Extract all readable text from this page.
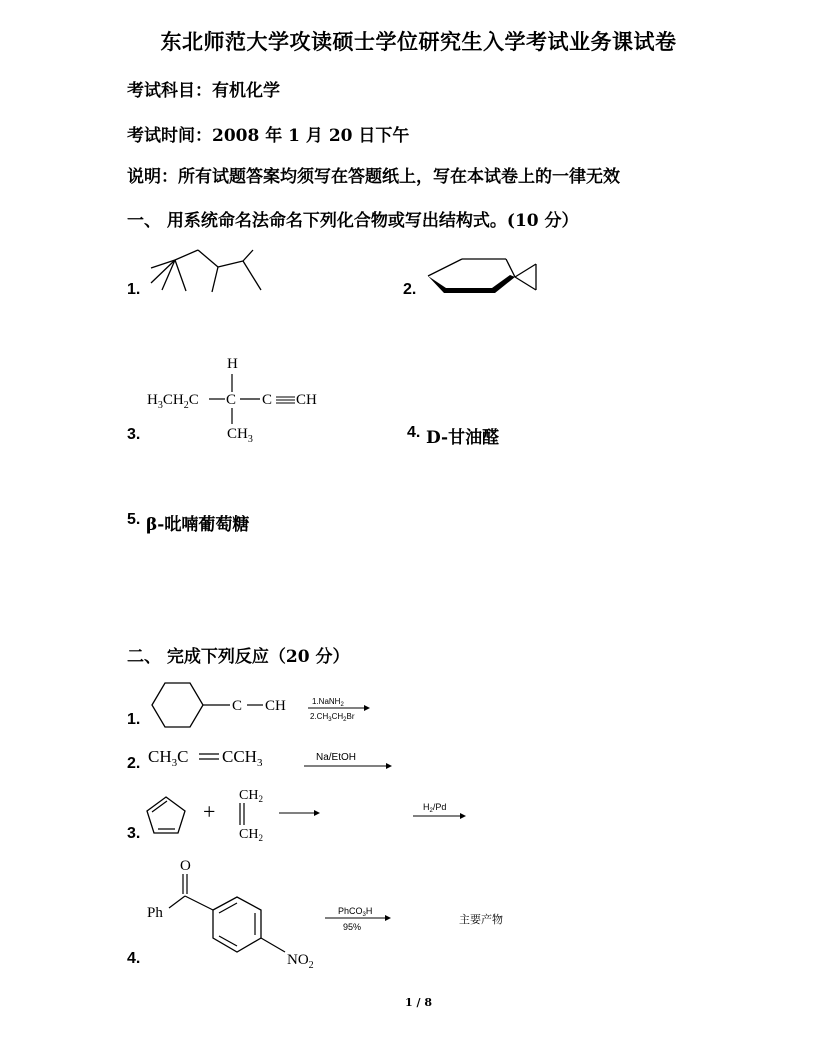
东北师范大学攻读硕士学位研究生入学考试业务课试卷
考试科目：有机化学
考试时间：2008 年 1 月 20 日下午
说明：所有试题答案均须写在答题纸上，写在本试卷上的一律无效
一、 用系统命名法命名下列化合物或写出结构式。(10 分）
1.	2.
3.
H
$H_3CH_2C$ C C CH
$CH_3$	4. D-甘油醛
5. β-吡喃葡萄糖
二、 完成下列反应（20 分）
1.
C CH	1.NaNH$_2$
$2.CH_3CH_2Br$
2. $CH_3C$ $CCH_3$	Na/EtOH
3.
+
$CH_2$
$CH_2$
$H_2/Pd$
4.
O
Ph
$NO_2$
PhCO$_3$H
95%
主要产物
1 / 8
